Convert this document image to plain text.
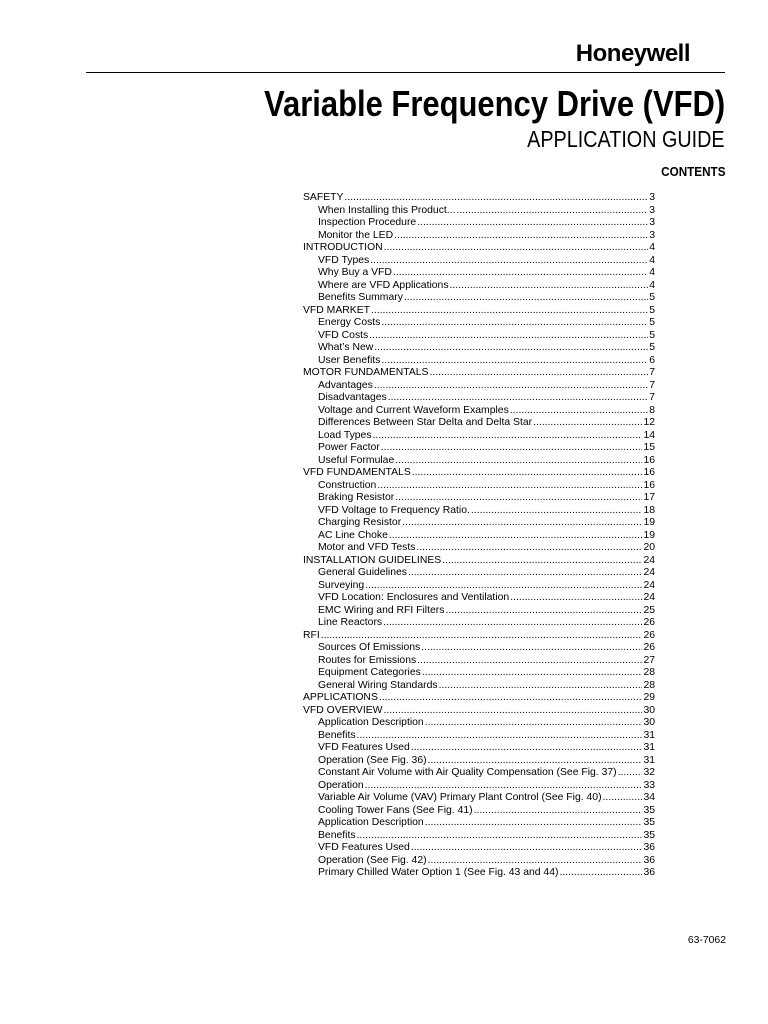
Honeywell
Variable Frequency Drive (VFD)
APPLICATION GUIDE
CONTENTS
SAFETY .....	3
When Installing this Product... .....	3
Inspection Procedure .....	3
Monitor the LED .....	3
INTRODUCTION .....	4
VFD Types .....	4
Why Buy a VFD .....	4
Where are VFD Applications .....	4
Benefits Summary .....	5
VFD MARKET .....	5
Energy Costs .....	5
VFD Costs .....	5
What’s New .....	5
User Benefits .....	6
MOTOR FUNDAMENTALS .....	7
Advantages .....	7
Disadvantages .....	7
Voltage and Current Waveform Examples .....	8
Differences Between Star Delta and Delta Star .....	12
Load Types .....	14
Power Factor .....	15
Useful Formulae .....	16
VFD FUNDAMENTALS .....	16
Construction .....	16
Braking Resistor .....	17
VFD Voltage to Frequency Ratio. .....	18
Charging Resistor .....	19
AC Line Choke .....	19
Motor and VFD Tests .....	20
INSTALLATION GUIDELINES .....	24
General Guidelines .....	24
Surveying .....	24
VFD Location: Enclosures and Ventilation .....	24
EMC Wiring and RFI Filters .....	25
Line Reactors .....	26
RFI .....	26
Sources Of Emissions .....	26
Routes for Emissions .....	27
Equipment Categories .....	28
General Wiring Standards .....	28
APPLICATIONS .....	29
VFD OVERVIEW .....	30
Application Description .....	30
Benefits .....	31
VFD Features Used .....	31
Operation (See Fig. 36) .....	31
Constant Air Volume with Air Quality Compensation (See Fig. 37) .....	32
Operation .....	33
Variable Air Volume (VAV) Primary Plant Control (See Fig. 40) .....	34
Cooling Tower Fans (See Fig. 41) .....	35
Application Description .....	35
Benefits .....	35
VFD Features Used .....	36
Operation (See Fig. 42) .....	36
Primary Chilled Water Option 1 (See Fig. 43 and 44) .....	36
63-7062
